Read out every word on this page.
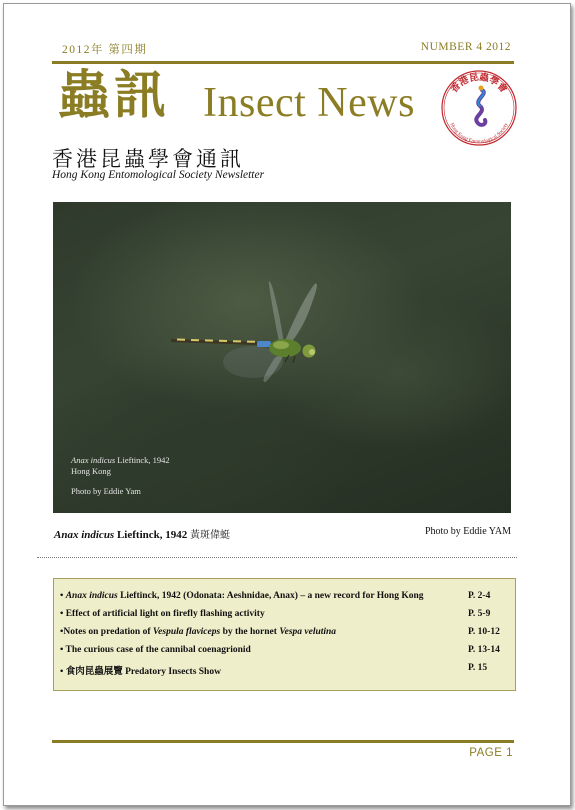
2012年 第四期	NUMBER 4 2012
蟲訊 Insect News	香港昆蟲學會
Hong Kong Entomological Society
香港昆蟲學會通訊
Hong Kong Entomological Society Newsletter
Anax indicus Lieftinck, 1942
Hong Kong
Photo by Eddie Yam
Anax indicus Lieftinck, 1942 黃斑偉蜓	Photo by Eddie YAM
• Anax indicus Lieftinck, 1942 (Odonata: Aeshnidae, Anax) – a new record for Hong Kong	P. 2-4
• Effect of artificial light on firefly flashing activity	P. 5-9
•Notes on predation of Vespula flaviceps by the hornet Vespa velutina	P. 10-12
• The curious case of the cannibal coenagrionid	P. 13-14
• 食肉昆蟲展覽 Predatory Insects Show	P. 15
PAGE 1
